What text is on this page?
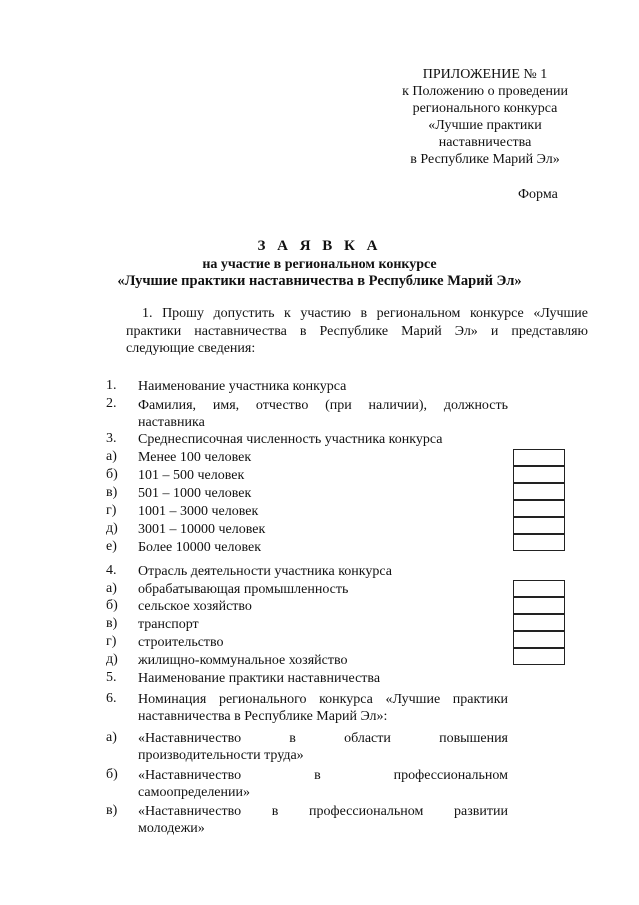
ПРИЛОЖЕНИЕ № 1
к Положению о проведении
регионального конкурса
«Лучшие практики
наставничества
в Республике Марий Эл»
Форма
З А Я В К А
на участие в региональном конкурсе
«Лучшие практики наставничества в Республике Марий Эл»
1. Прошу допустить к участию в региональном конкурсе «Лучшие практики наставничества в Республике Марий Эл» и представляю следующие сведения:
1. Наименование участника конкурса
2. Фамилия, имя, отчество (при наличии), должность
наставника
3. Среднесписочная численность участника конкурса
а) Менее 100 человек
б) 101 – 500 человек
в) 501 – 1000 человек
г) 1001 – 3000 человек
д) 3001 – 10000 человек
е) Более 10000 человек
4. Отрасль деятельности участника конкурса
а) обрабатывающая промышленность
б) сельское хозяйство
в) транспорт
г) строительство
д) жилищно-коммунальное хозяйство
5. Наименование практики наставничества
6. Номинация регионального конкурса «Лучшие практики
наставничества в Республике Марий Эл»:
а) «Наставничество в области повышения
производительности труда»
б) «Наставничество в профессиональном
самоопределении»
в) «Наставничество в профессиональном развитии
молодежи»
